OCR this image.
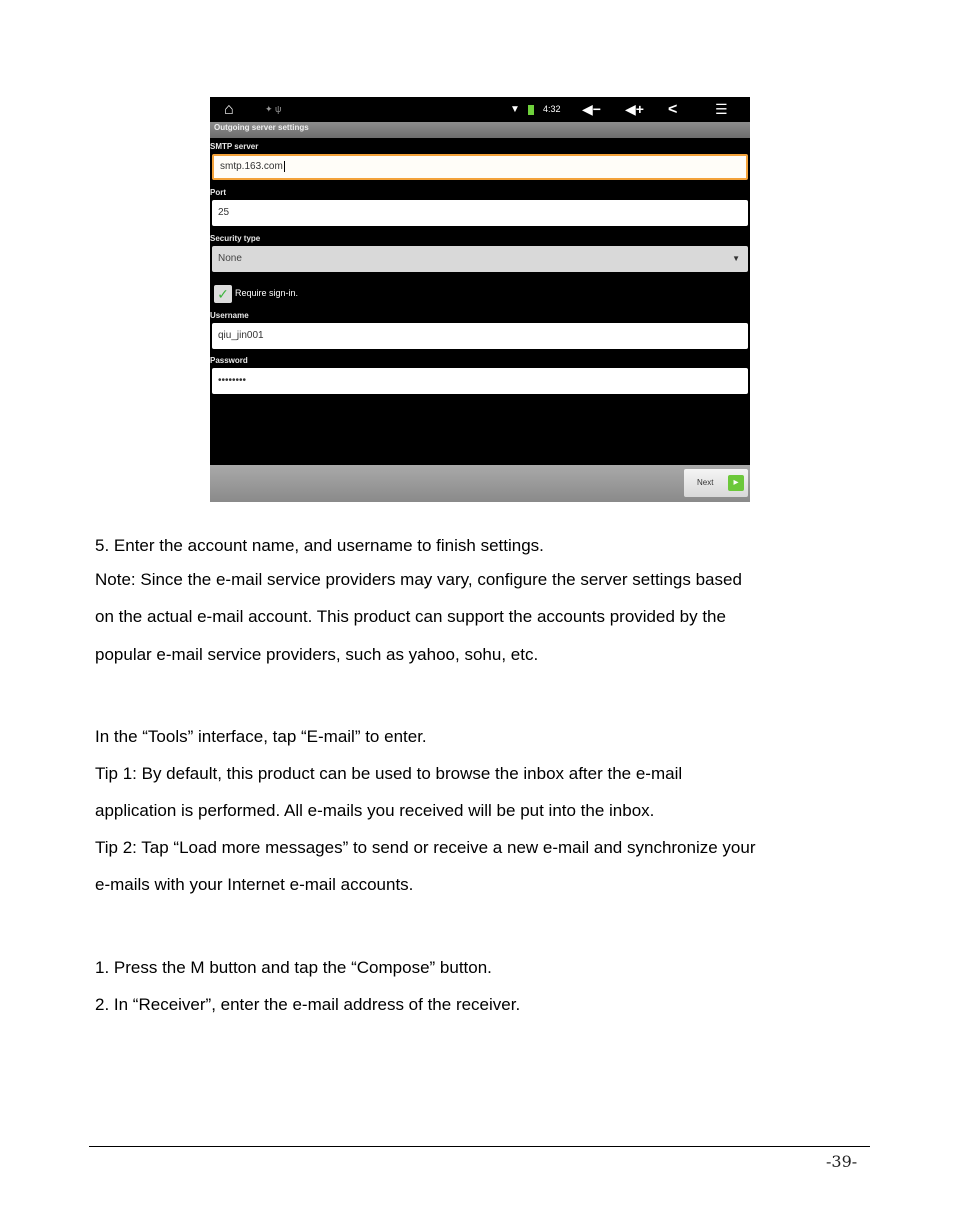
⌂	✦ ψ	▼	4:32 ◀− ◀+ <	☰
Outgoing server settings
SMTP server
smtp.163.com
Port
25
Security type
None	▼
✓ Require sign-in.
Username
qiu_jin001
Password
••••••••
Next	▸
5. Enter the account name, and username to finish settings.
Note: Since the e-mail service providers may vary, configure the server settings based
on the actual e-mail account. This product can support the accounts provided by the
popular e-mail service providers, such as yahoo, sohu, etc.
In the “Tools” interface, tap “E-mail” to enter.
Tip 1: By default, this product can be used to browse the inbox after the e-mail
application is performed. All e-mails you received will be put into the inbox.
Tip 2: Tap “Load more messages” to send or receive a new e-mail and synchronize your
e-mails with your Internet e-mail accounts.
1. Press the M button and tap the “Compose” button.
2. In “Receiver”, enter the e-mail address of the receiver.
-39-
